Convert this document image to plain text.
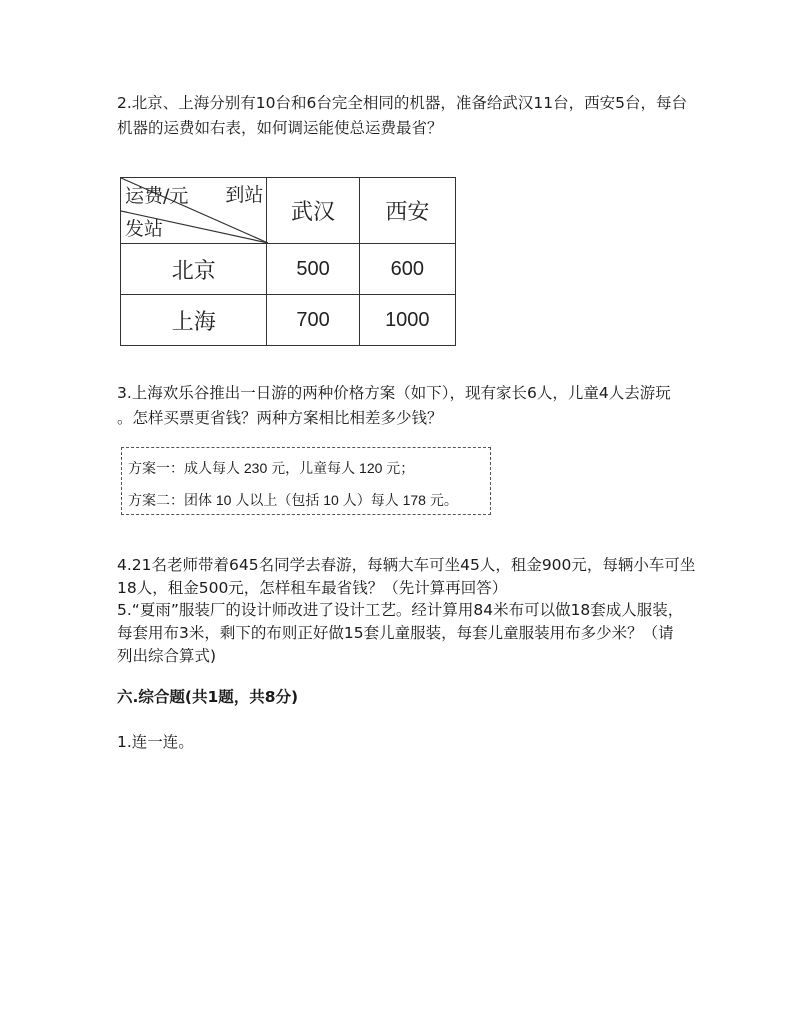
2.北京、上海分别有10台和6台完全相同的机器，准备给武汉11台，西安5台，每台
机器的运费如右表，如何调运能使总运费最省？
运费/元 到站
发站	武汉	西安
北京	500	600
上海	700	1000
3.上海欢乐谷推出一日游的两种价格方案（如下），现有家长6人，儿童4人去游玩
。怎样买票更省钱？两种方案相比相差多少钱？
方案一：成人每人 230 元，儿童每人 120 元；
方案二：团体 10 人以上（包括 10 人）每人 178 元。
4.21名老师带着645名同学去春游，每辆大车可坐45人，租金900元，每辆小车可坐
18人，租金500元，怎样租车最省钱？（先计算再回答）
5.“夏雨”服装厂的设计师改进了设计工艺。经计算用84米布可以做18套成人服装，
每套用布3米，剩下的布则正好做15套儿童服装，每套儿童服装用布多少米？（请
列出综合算式)
六.综合题(共1题，共8分)
1.连一连。
